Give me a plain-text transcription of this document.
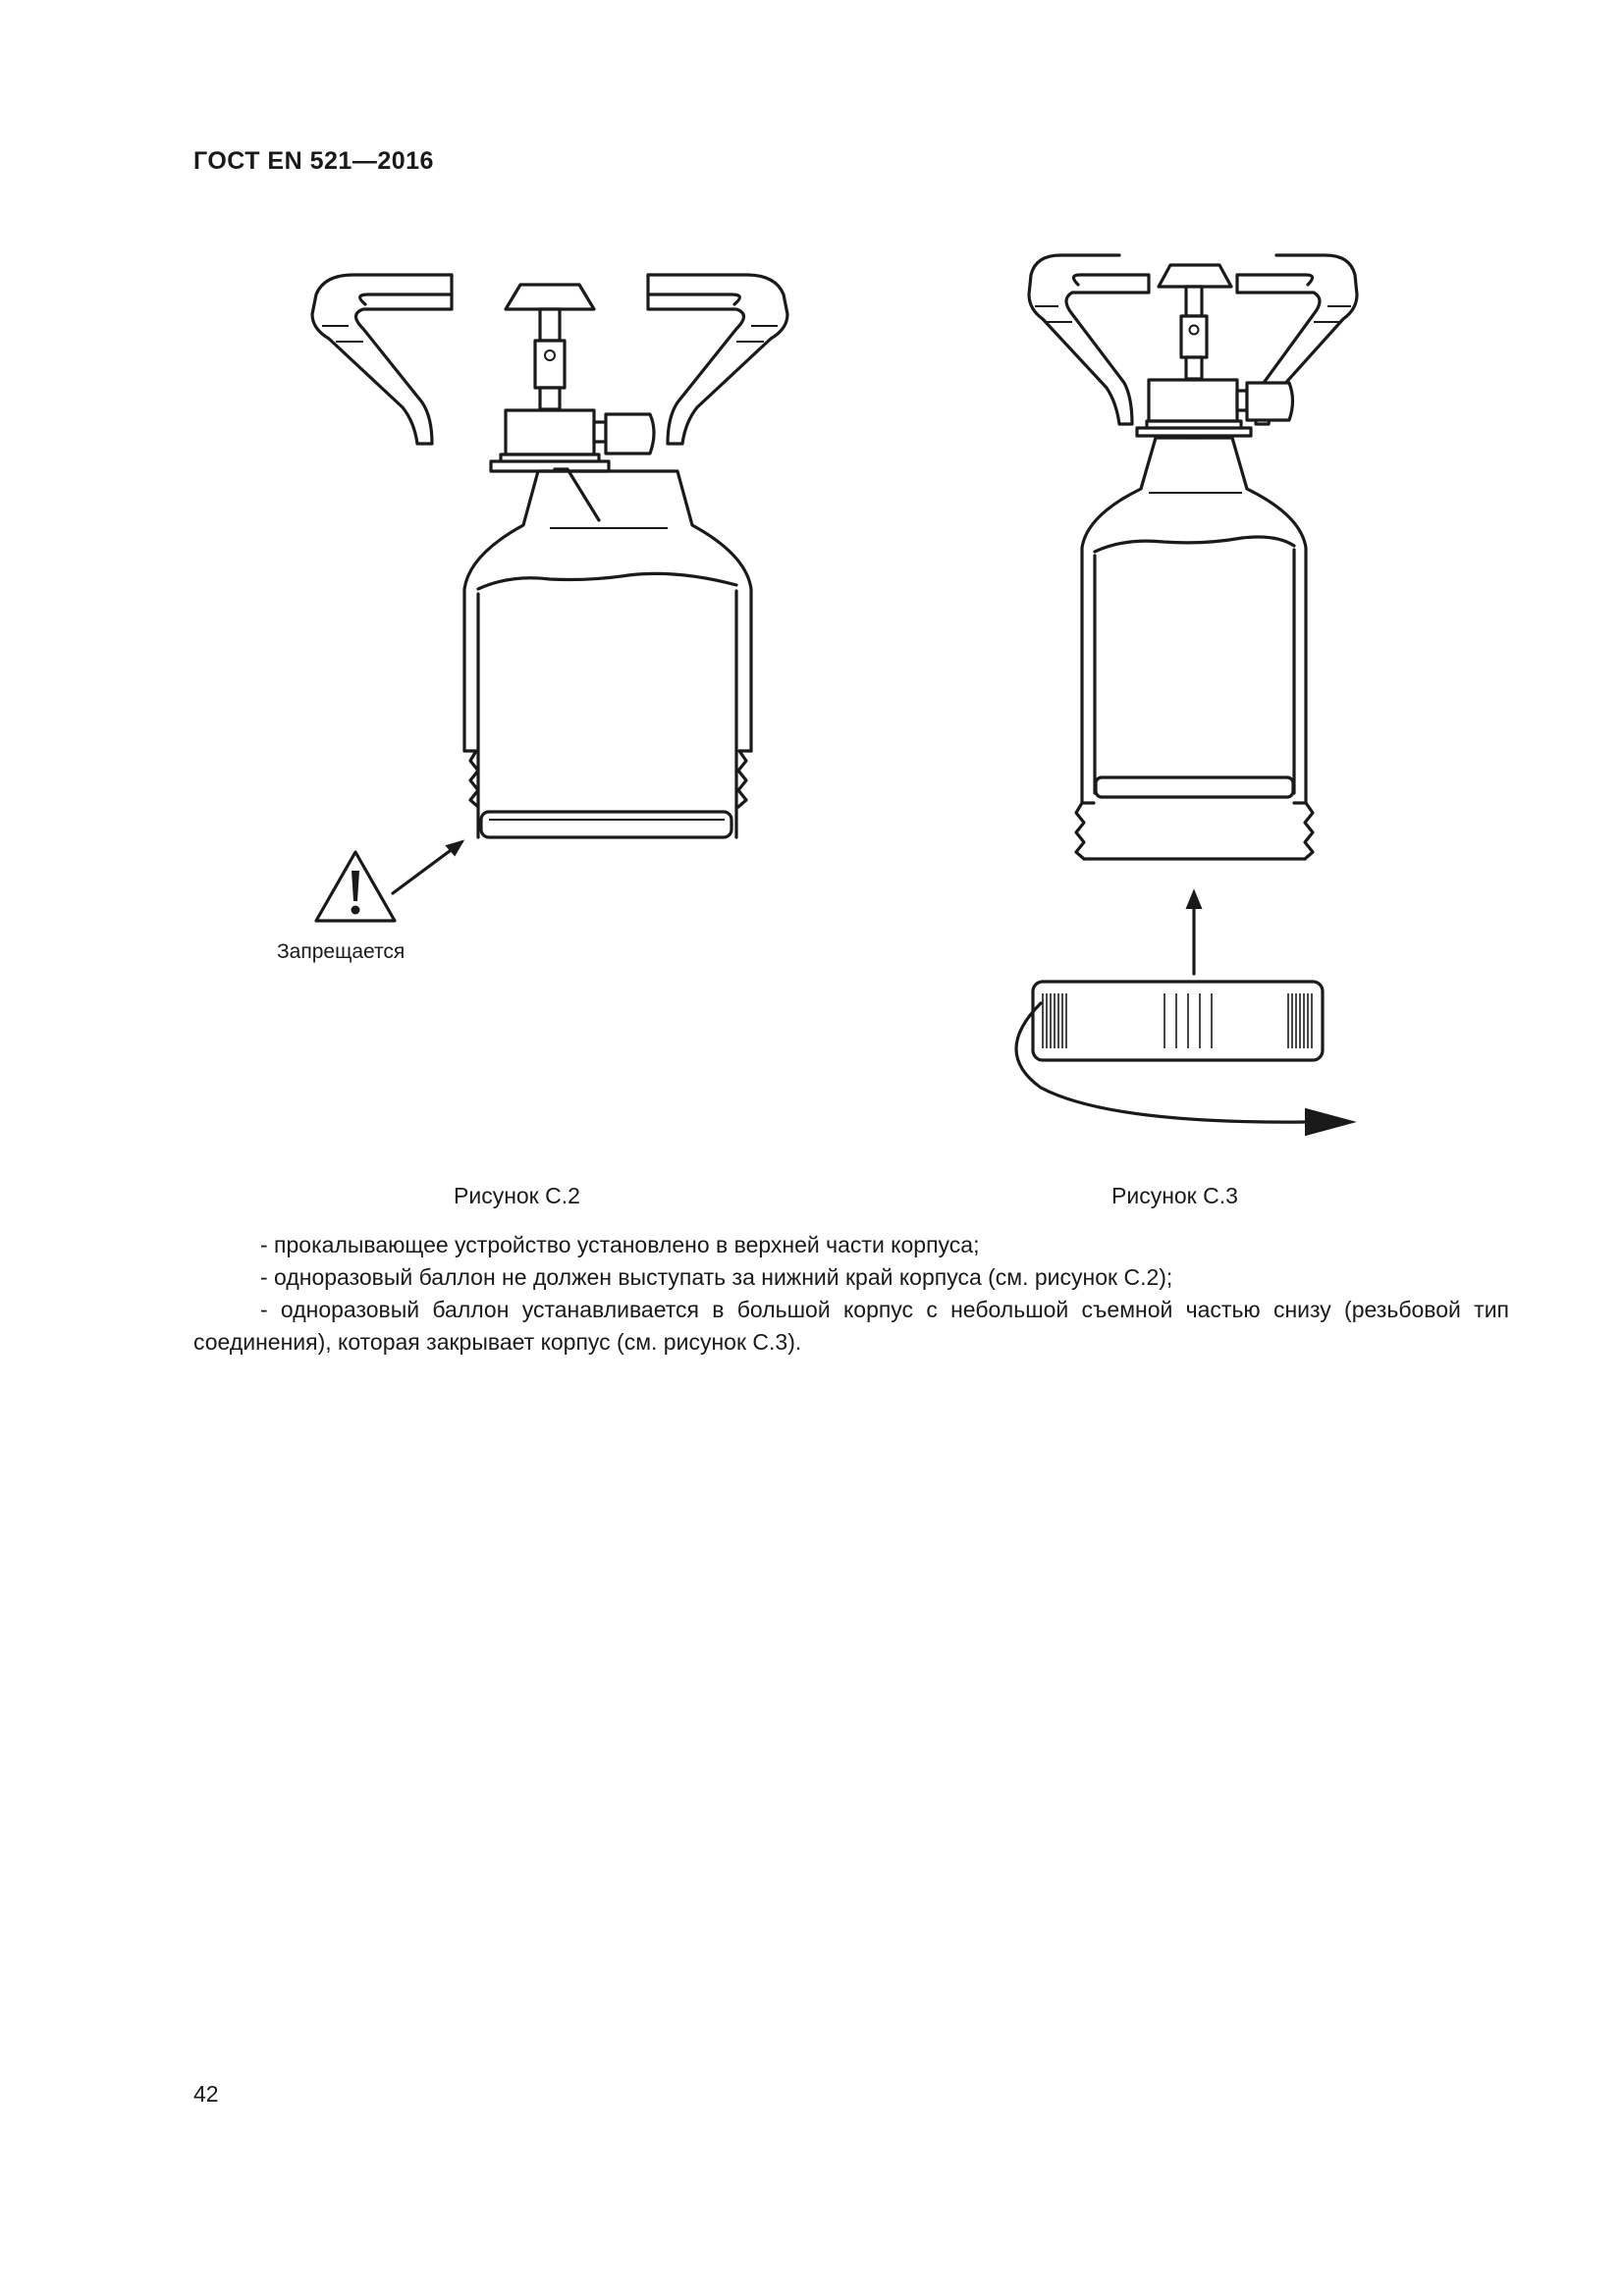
ГОСТ EN 521—2016
Запрещается
Рисунок С.2	Рисунок С.3

- прокалывающее устройство установлено в верхней части корпуса;

- одноразовый баллон не должен выступать за нижний край корпуса (см. рисунок С.2);

- одноразовый баллон устанавливается в большой корпус с небольшой съемной частью снизу (резьбовой тип соединения), которая закрывает корпус (см. рисунок С.3).

42
